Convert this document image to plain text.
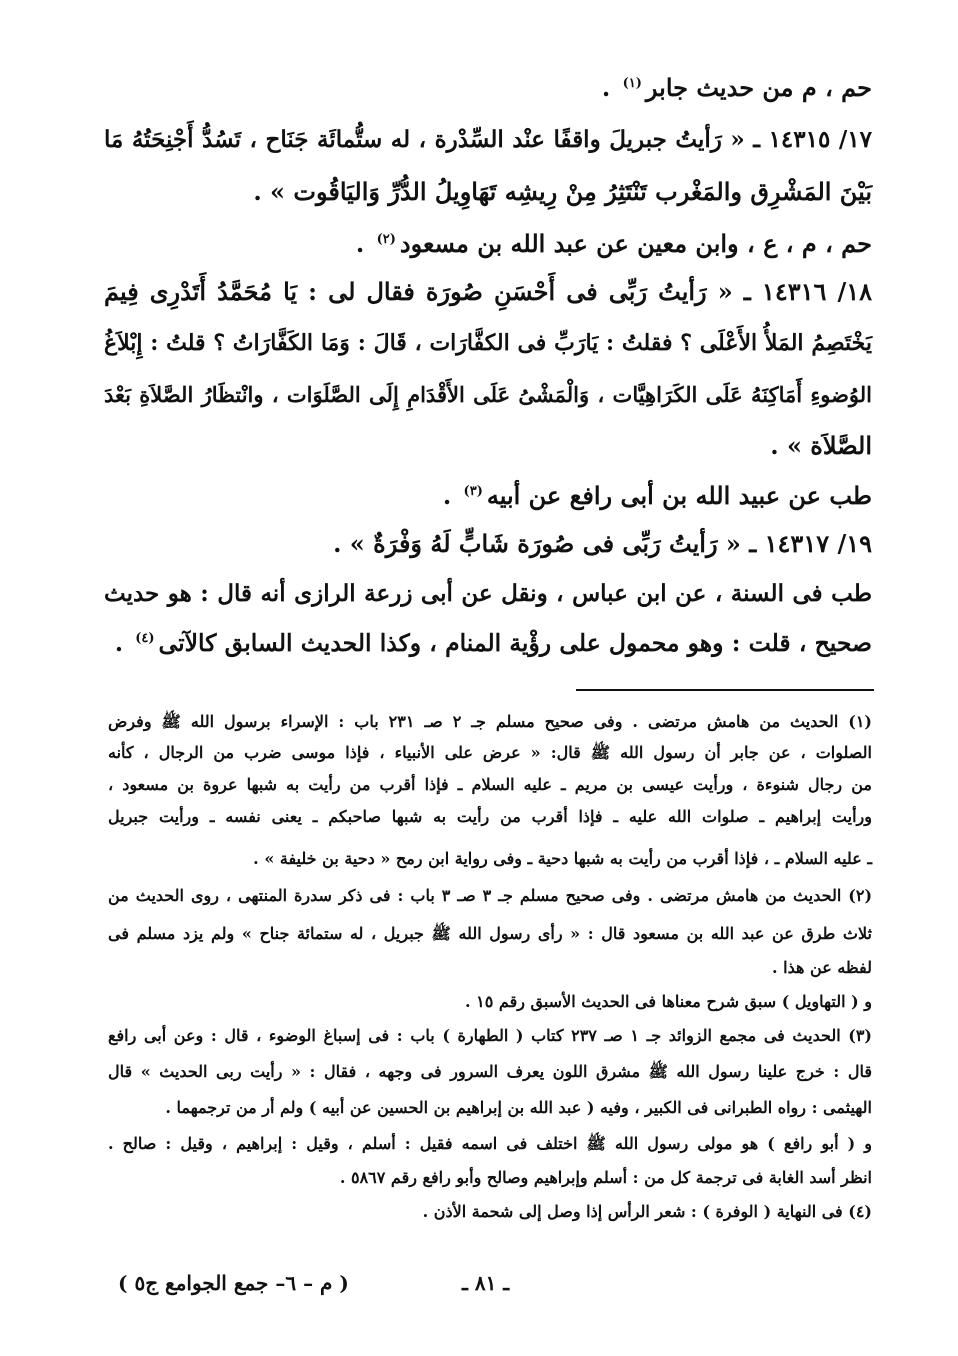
حم ، م من حديث جابر$^{(١)}$ .
١٧/ ١٤٣١٥ ـ « رَأيتُ جبريلَ واقفًا عنْد السِّدْرة ، له ستُّمائَة جَنَاح ، تَسُدُّ أَجْنِحَتُهُ مَا
بَيْنَ المَشْرِق والمَغْرب تَنْتَثِرُ مِنْ رِيشِه تَهَاوِيلُ الدُّرِّ وَاليَاقُوت » .
حم ، م ، ع ، وابن معين عن عبد الله بن مسعود$^{(٢)}$ .
١٨/ ١٤٣١٦ ـ « رَأيتُ رَبِّى فى أَحْسَنِ صُورَة فقال لى : يَا مُحَمَّدُ أَتَدْرِى فِيمَ
يَخْتَصِمُ المَلأُ الأَعْلَى ؟ فقلتُ : يَارَبِّ فى الكفَّارَات ، قَالَ : وَمَا الكَفَّارَاتُ ؟ قلتُ : إِبْلاَغُ
الوُضوءِ أَمَاكِنَهُ عَلَى الكَرَاهِيَّات ، وَالْمَشْىُ عَلَى الأَقْدَامِ إِلَى الصَّلَوَات ، وانْتظَارُ الصَّلاَةِ بَعْدَ
الصَّلاَة » .
طب عن عبيد الله بن أبى رافع عن أبيه$^{(٣)}$ .
١٩/ ١٤٣١٧ ـ « رَأيتُ رَبِّى فى صُورَة شَابٍّ لَهُ وَفْرَةٌ » .
طب فى السنة ، عن ابن عباس ، ونقل عن أبى زرعة الرازى أنه قال : هو حديث
صحيح ، قلت : وهو محمول على رؤْية المنام ، وكذا الحديث السابق كالآتى$^{(٤)}$ .
(١) الحديث من هامش مرتضى . وفى صحيح مسلم جـ ٢ صـ ٢٣١ باب : الإسراء برسول الله ﷺ وفرض
الصلوات ، عن جابر أن رسول الله ﷺ قال: « عرض على الأنبياء ، فإذا موسى ضرب من الرجال ، كأنه
من رجال شنوءة ، ورأيت عيسى بن مريم ـ عليه السلام ـ فإذا أقرب من رأيت به شبها عروة بن مسعود ،
ورأيت إبراهيم ـ صلوات الله عليه ـ فإذا أقرب من رأيت به شبها صاحبكم ـ يعنى نفسه ـ ورأيت جبريل
ـ عليه السلام ـ ، فإذا أقرب من رأيت به شبها دحية ـ وفى رواية ابن رمح « دحية بن خليفة » .
(٢) الحديث من هامش مرتضى . وفى صحيح مسلم جـ ٣ صـ ٣ باب : فى ذكر سدرة المنتهى ، روى الحديث من
ثلاث طرق عن عبد الله بن مسعود قال : « رأى رسول الله ﷺ جبريل ، له ستمائة جناح » ولم يزد مسلم فى
لفظه عن هذا .
و ( التهاويل ) سبق شرح معناها فى الحديث الأسبق رقم ١٥ .
(٣) الحديث فى مجمع الزوائد جـ ١ صـ ٢٣٧ كتاب ( الطهارة ) باب : فى إسباغ الوضوء ، قال : وعن أبى رافع
قال : خرج علينا رسول الله ﷺ مشرق اللون يعرف السرور فى وجهه ، فقال : « رأيت ربى الحديث » قال
الهيثمى : رواه الطبرانى فى الكبير ، وفيه ( عبد الله بن إبراهيم بن الحسين عن أبيه ) ولم أر من ترجمهما .
و ( أبو رافع ) هو مولى رسول الله ﷺ اختلف فى اسمه فقيل : أسلم ، وقيل : إبراهيم ، وقيل : صالح .
انظر أسد الغابة فى ترجمة كل من : أسلم وإبراهيم وصالح وأبو رافع رقم ٥٨٦٧ .
(٤) فى النهاية ( الوفرة ) : شعر الرأس إذا وصل إلى شحمة الأذن .
ـ ٨١ ـ
( م – ٦– جمع الجوامع ج٥ )
